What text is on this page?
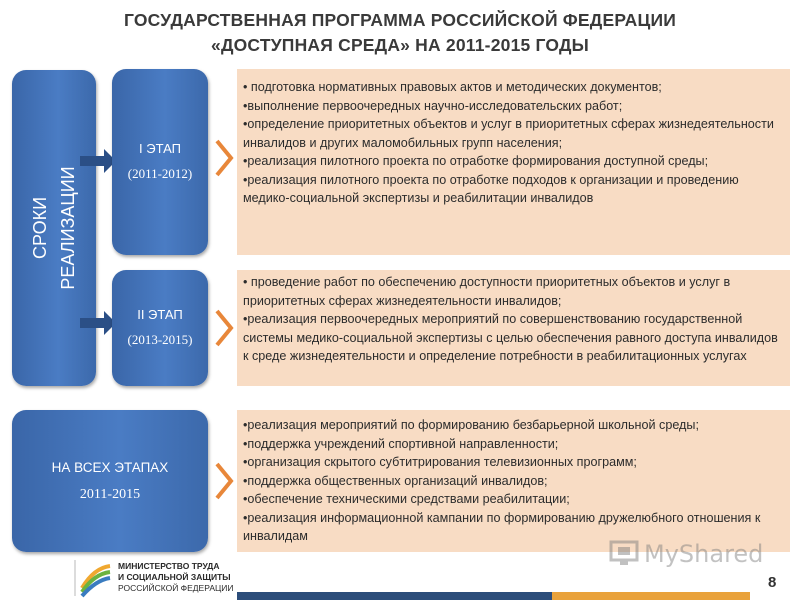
ГОСУДАРСТВЕННАЯ ПРОГРАММА РОССИЙСКОЙ ФЕДЕРАЦИИ
«ДОСТУПНАЯ СРЕДА» НА 2011-2015 ГОДЫ
СРОКИ РЕАЛИЗАЦИИ
I ЭТАП
(2011-2012)
II ЭТАП
(2013-2015)
НА ВСЕХ ЭТАПАХ
2011-2015
• подготовка нормативных правовых актов и методических документов;
•выполнение первоочередных научно-исследовательских работ;
•определение приоритетных объектов и услуг в приоритетных сферах жизнедеятельности инвалидов и других маломобильных групп населения;
•реализация пилотного проекта по отработке формирования доступной среды;
•реализация пилотного проекта по отработке подходов к организации и проведению медико-социальной экспертизы и реабилитации инвалидов
• проведение работ по обеспечению доступности приоритетных объектов и услуг в приоритетных сферах жизнедеятельности инвалидов;
•реализация первоочередных мероприятий по совершенствованию государственной системы медико-социальной экспертизы с целью обеспечения равного доступа инвалидов к среде жизнедеятельности и определение потребности в реабилитационных услугах
•реализация мероприятий по формированию безбарьерной школьной среды;
•поддержка учреждений спортивной направленности;
•организация скрытого субтитрирования телевизионных программ;
•поддержка общественных организаций инвалидов;
•обеспечение техническими средствами реабилитации;
•реализация информационной кампании по формированию дружелюбного отношения к инвалидам
MyShared
МИНИСТЕРСТВО ТРУДА
И СОЦИАЛЬНОЙ ЗАЩИТЫ
РОССИЙСКОЙ ФЕДЕРАЦИИ	8
